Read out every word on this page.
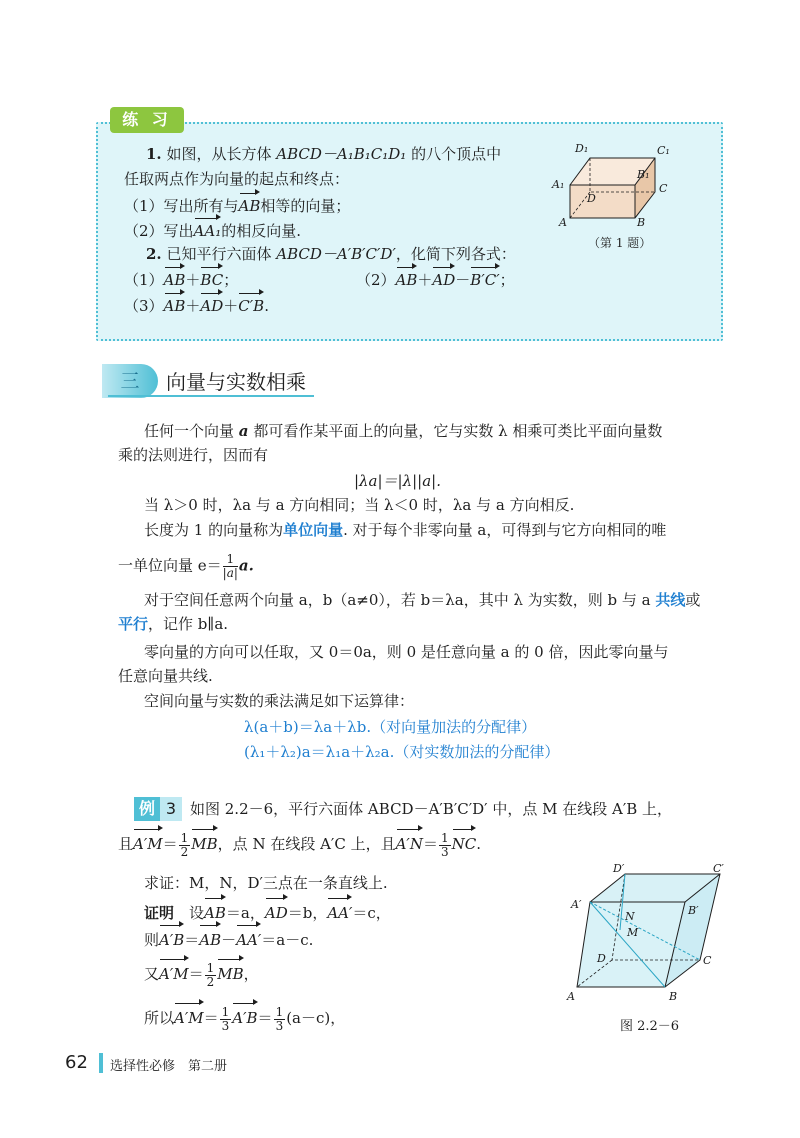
练 习
1. 如图，从长方体 ABCD－A₁B₁C₁D₁ 的八个顶点中
任取两点作为向量的起点和终点：
（1）写出所有与AB相等的向量；
（2）写出AA₁的相反向量.
2. 已知平行六面体 ABCD－A′B′C′D′，化简下列各式：
（1）AB＋BC；	（2）AB＋AD－B′C′；
（3）AB＋AD＋C′B.
D₁	C₁
B₁
A₁
D
C
A	B
（第 1 题）
三	向量与实数相乘
任何一个向量 a 都可看作某平面上的向量，它与实数 λ 相乘可类比平面向量数
乘的法则进行，因而有
|λa|＝|λ||a|.
当 λ＞0 时，λa 与 a 方向相同；当 λ＜0 时，λa 与 a 方向相反.
长度为 1 的向量称为单位向量. 对于每个非零向量 a，可得到与它方向相同的唯
一单位向量 $e= \frac{1}{|a|} a$.
对于空间任意两个向量 a，b（a≠0），若 b＝λa，其中 λ 为实数，则 b 与 a 共线或
平行，记作 b∥a.
零向量的方向可以任取，又 0＝0a，则 0 是任意向量 a 的 0 倍，因此零向量与
任意向量共线.
空间向量与实数的乘法满足如下运算律：
λ(a＋b)＝λa＋λb.（对向量加法的分配律）
(λ₁＋λ₂)a＝λ₁a＋λ₂a.（对实数加法的分配律）
例 3 如图 2.2－6，平行六面体 ABCD－A′B′C′D′ 中，点 M 在线段 A′B 上，
且$A'M= \frac{1}{2}$ MB，点 N 在线段 A′C 上，且$A'N= \frac{1}{3}$ NC.
求证：M，N，D′三点在一条直线上.
证明　 设AB＝a，AD＝b，AA′＝c，
则A′B＝AB－AA′＝a－c.
又$A'M= \frac{1}{2}$ MB，
所以$A'M= \frac{1}{3} A'B= \frac{1}{3} (a-c)$，
D′	C′
A′	B′
N
M
D	C
A	B
图 2.2－6
62 选择性必修　第二册
